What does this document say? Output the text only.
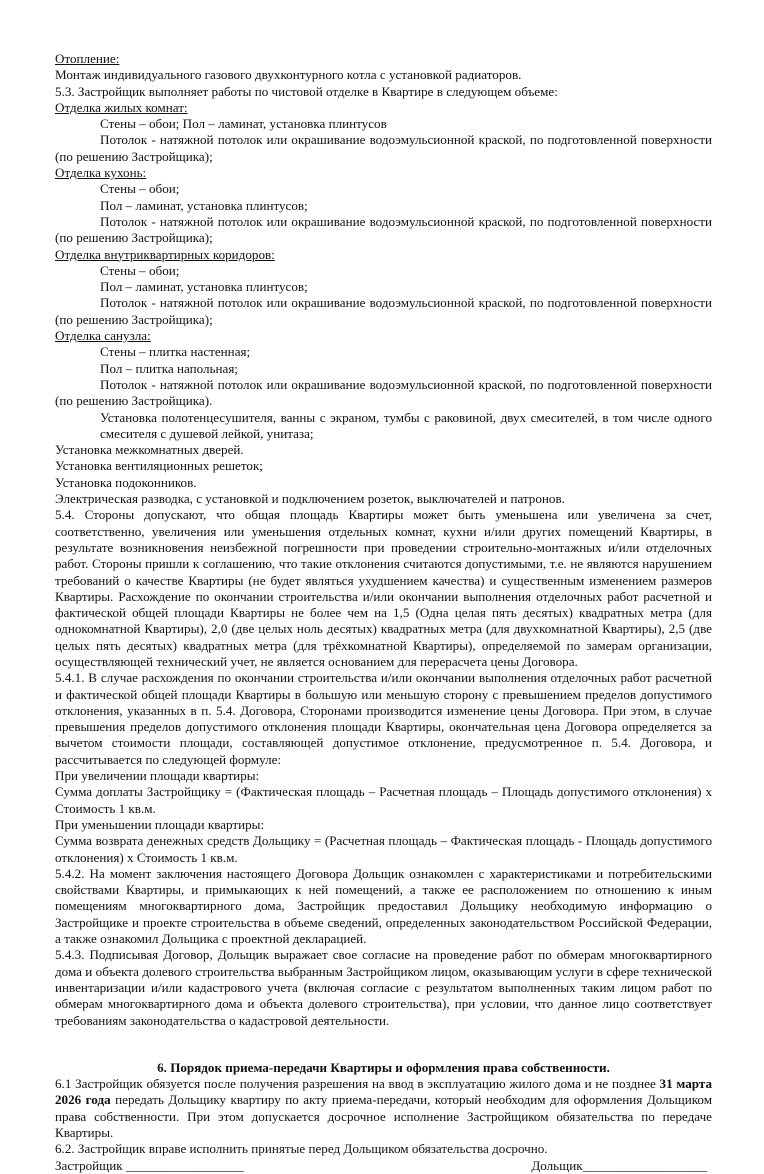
Отопление:

Монтаж индивидуального газового двухконтурного котла с установкой радиаторов.

5.3. Застройщик выполняет работы по чистовой отделке в Квартире в следующем объеме:

Отделка жилых комнат:

Стены – обои; Пол – ламинат, установка плинтусов

Потолок - натяжной потолок или окрашивание водоэмульсионной краской, по подготовленной поверхности (по решению Застройщика);

Отделка кухонь:

Стены – обои;

Пол – ламинат, установка плинтусов;

Потолок - натяжной потолок или окрашивание водоэмульсионной краской, по подготовленной поверхности (по решению Застройщика);

Отделка внутриквартирных коридоров:

Стены – обои;

Пол – ламинат, установка плинтусов;

Потолок - натяжной потолок или окрашивание водоэмульсионной краской, по подготовленной поверхности (по решению Застройщика);

Отделка санузла:

Стены – плитка настенная;

Пол – плитка напольная;

Потолок - натяжной потолок или окрашивание водоэмульсионной краской, по подготовленной поверхности (по решению Застройщика).

Установка полотенцесушителя, ванны с экраном, тумбы с раковиной, двух смесителей, в том числе одного смесителя с душевой лейкой, унитаза;

Установка межкомнатных дверей.

Установка вентиляционных решеток;

Установка подоконников.

Электрическая разводка, с установкой и подключением розеток, выключателей и патронов.

5.4. Стороны допускают, что общая площадь Квартиры может быть уменьшена или увеличена за счет, соответственно, увеличения или уменьшения отдельных комнат, кухни и/или других помещений Квартиры, в результате возникновения неизбежной погрешности при проведении строительно-монтажных и/или отделочных работ. Стороны пришли к соглашению, что такие отклонения считаются допустимыми, т.е. не являются нарушением требований о качестве Квартиры (не будет являться ухудшением качества) и существенным изменением размеров Квартиры. Расхождение по окончании строительства и/или окончании выполнения отделочных работ расчетной и фактической общей площади Квартиры не более чем на 1,5 (Одна целая пять десятых) квадратных метра (для однокомнатной Квартиры), 2,0 (две целых ноль десятых) квадратных метра (для двухкомнатной Квартиры), 2,5 (две целых пять десятых) квадратных метра (для трёхкомнатной Квартиры), определяемой по замерам организации, осуществляющей технический учет, не является основанием для перерасчета цены Договора.

5.4.1. В случае расхождения по окончании строительства и/или окончании выполнения отделочных работ расчетной и фактической общей площади Квартиры в большую или меньшую сторону с превышением пределов допустимого отклонения, указанных в п. 5.4. Договора, Сторонами производится изменение цены Договора. При этом, в случае превышения пределов допустимого отклонения площади Квартиры, окончательная цена Договора определяется за вычетом стоимости площади, составляющей допустимое отклонение, предусмотренное п. 5.4. Договора, и рассчитывается по следующей формуле:

При увеличении площади квартиры:

Сумма доплаты Застройщику = (Фактическая площадь – Расчетная площадь – Площадь допустимого отклонения) х Стоимость 1 кв.м.

При уменьшении площади квартиры:

Сумма возврата денежных средств Дольщику = (Расчетная площадь – Фактическая площадь - Площадь допустимого отклонения) х Стоимость 1 кв.м.

5.4.2. На момент заключения настоящего Договора Дольщик ознакомлен с характеристиками и потребительскими свойствами Квартиры, и примыкающих к ней помещений, а также ее расположением по отношению к иным помещениям многоквартирного дома, Застройщик предоставил Дольщику необходимую информацию о Застройщике и проекте строительства в объеме сведений, определенных законодательством Российской Федерации, а также ознакомил Дольщика с проектной декларацией.

5.4.3. Подписывая Договор, Дольщик выражает свое согласие на проведение работ по обмерам многоквартирного дома и объекта долевого строительства выбранным Застройщиком лицом, оказывающим услуги в сфере технической инвентаризации и/или кадастрового учета (включая согласие с результатом выполненных таким лицом работ по обмерам многоквартирного дома и объекта долевого строительства), при условии, что данное лицо соответствует требованиям законодательства о кадастровой деятельности.

6. Порядок приема-передачи Квартиры и оформления права собственности.

6.1 Застройщик обязуется после получения разрешения на ввод в эксплуатацию жилого дома и не позднее 31 марта 2026 года передать Дольщику квартиру по акту приема-передачи, который необходим для оформления Дольщиком права собственности. При этом допускается досрочное исполнение Застройщиком обязательства по передаче Квартиры.

6.2. Застройщик вправе исполнить принятые перед Дольщиком обязательства досрочно.

Застройщик __________________	Дольщик___________________
